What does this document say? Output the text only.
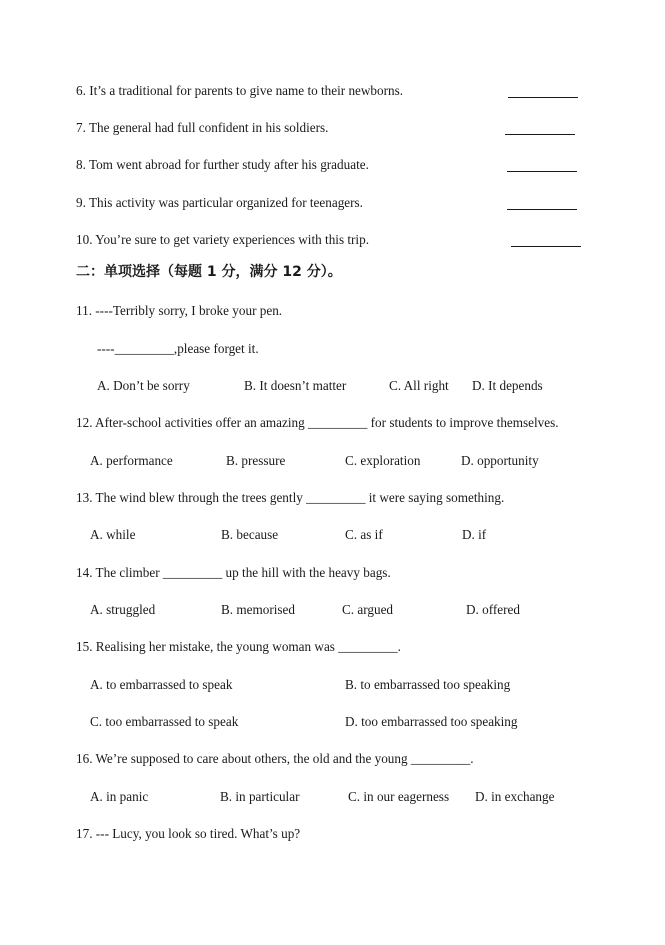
6. It’s a traditional for parents to give name to their newborns.
7. The general had full confident in his soldiers.
8. Tom went abroad for further study after his graduate.
9. This activity was particular organized for teenagers.
10. You’re sure to get variety experiences with this trip.
二：单项选择（每题 1 分，满分 12 分）。
11. ----Terribly sorry, I broke your pen.
----_________,please forget it.
A. Don’t be sorry	B. It doesn’t matter	C. All right D. It depends
12. After-school activities offer an amazing _________ for students to improve themselves.
A. performance	B. pressure	C. exploration	D. opportunity
13. The wind blew through the trees gently _________ it were saying something.
A. while	B. because	C. as if	D. if
14. The climber _________ up the hill with the heavy bags.
A. struggled	B. memorised	C. argued	D. offered
15. Realising her mistake, the young woman was _________.
A. to embarrassed to speak	B. to embarrassed too speaking
C. too embarrassed to speak	D. too embarrassed too speaking
16. We’re supposed to care about others, the old and the young _________.
A. in panic	B. in particular	C. in our eagerness D. in exchange
17. --- Lucy, you look so tired. What’s up?
